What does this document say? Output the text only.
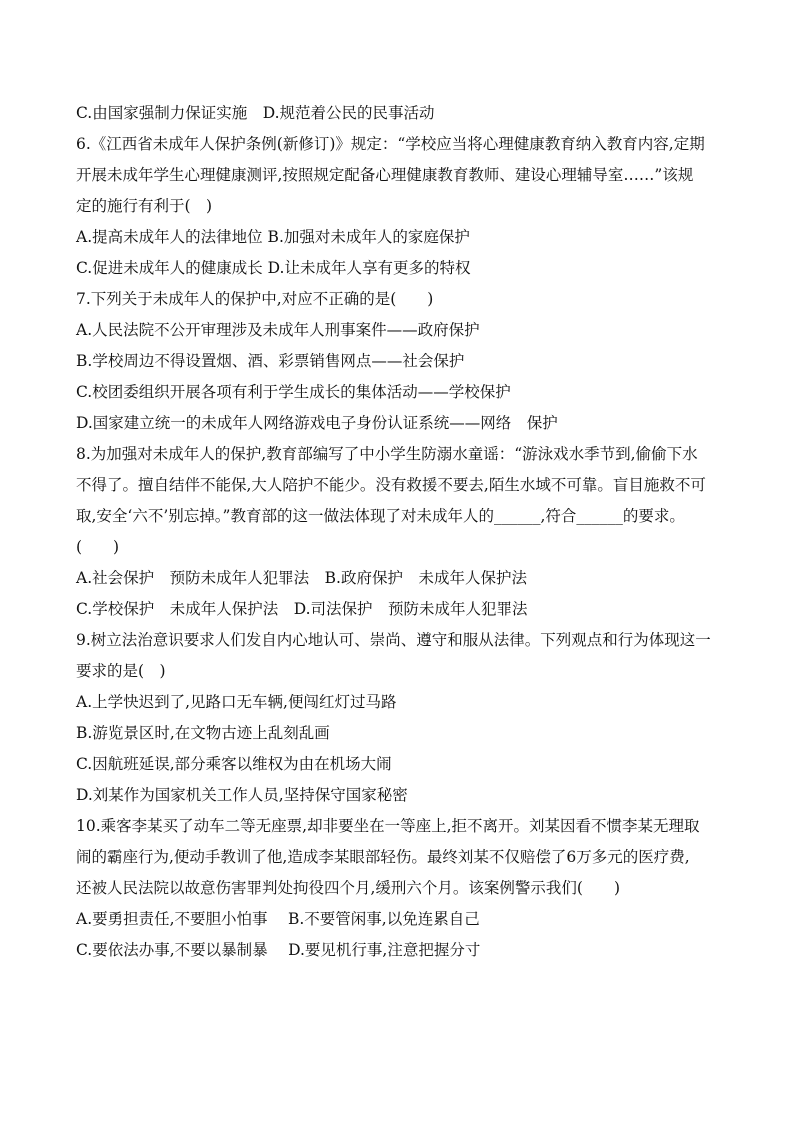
C.由国家强制力保证实施　D.规范着公民的民事活动
6.《江西省未成年人保护条例(新修订)》规定：“学校应当将心理健康教育纳入教育内容,定期
开展未成年学生心理健康测评,按照规定配备心理健康教育教师、建设心理辅导室……”该规
定的施行有利于(　)
A.提高未成年人的法律地位 B.加强对未成年人的家庭保护
C.促进未成年人的健康成长 D.让未成年人享有更多的特权
7.下列关于未成年人的保护中,对应不正确的是(　　)
A.人民法院不公开审理涉及未成年人刑事案件——政府保护
B.学校周边不得设置烟、酒、彩票销售网点——社会保护
C.校团委组织开展各项有利于学生成长的集体活动——学校保护
D.国家建立统一的未成年人网络游戏电子身份认证系统——网络　保护
8.为加强对未成年人的保护,教育部编写了中小学生防溺水童谣：“游泳戏水季节到,偷偷下水
不得了。擅自结伴不能保,大人陪护不能少。没有救援不要去,陌生水域不可靠。盲目施救不可
取,安全‘六不’别忘掉。”教育部的这一做法体现了对未成年人的______,符合______的要求。
(　　)
A.社会保护　预防未成年人犯罪法　B.政府保护　未成年人保护法
C.学校保护　未成年人保护法　D.司法保护　预防未成年人犯罪法
9.树立法治意识要求人们发自内心地认可、崇尚、遵守和服从法律。下列观点和行为体现这一
要求的是(　)
A.上学快迟到了,见路口无车辆,便闯红灯过马路
B.游览景区时,在文物古迹上乱刻乱画
C.因航班延误,部分乘客以维权为由在机场大闹
D.刘某作为国家机关工作人员,坚持保守国家秘密
10.乘客李某买了动车二等无座票,却非要坐在一等座上,拒不离开。刘某因看不惯李某无理取
闹的霸座行为,便动手教训了他,造成李某眼部轻伤。最终刘某不仅赔偿了6万多元的医疗费,
还被人民法院以故意伤害罪判处拘役四个月,缓刑六个月。该案例警示我们(　　)
A.要勇担责任,不要胆小怕事　 B.不要管闲事,以免连累自己
C.要依法办事,不要以暴制暴　 D.要见机行事,注意把握分寸
